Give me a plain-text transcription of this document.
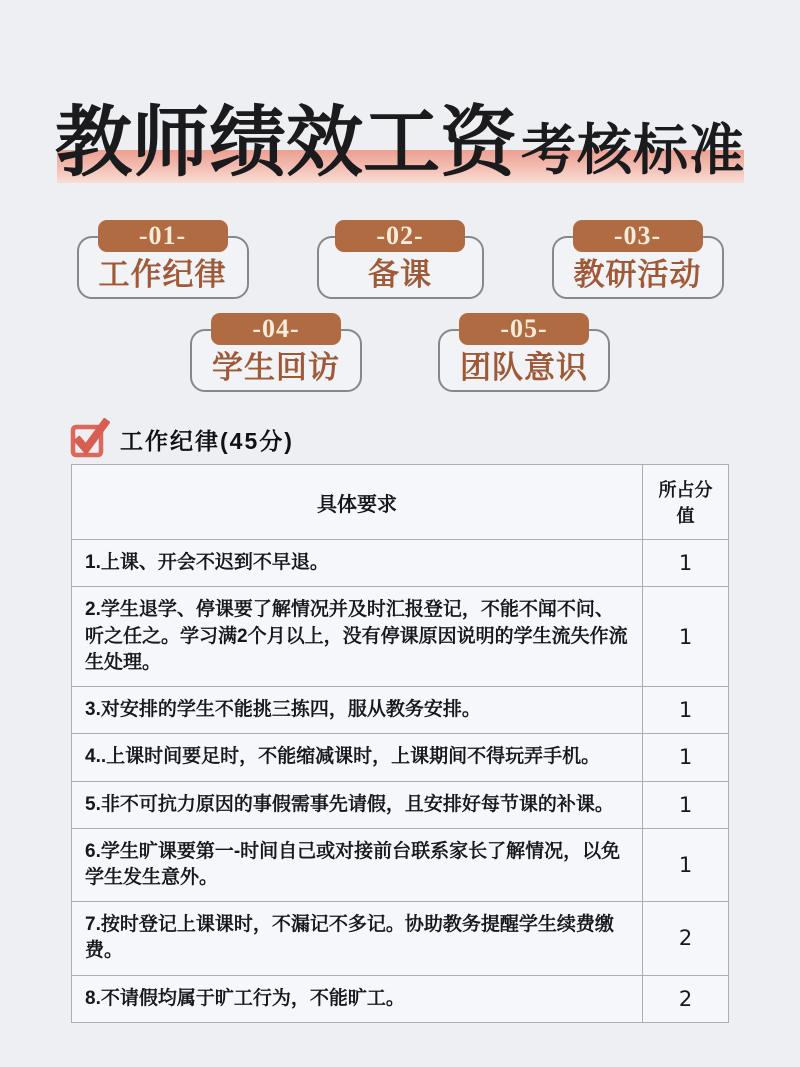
教师绩效工资 考核标准
-01-
工作纪律
-02-
备课
-03-
教研活动
-04-
学生回访
-05-
团队意识
工作纪律(45分)
具体要求	所占分值
1.上课、开会不迟到不早退。	1
2.学生退学、停课要了解情况并及时汇报登记，不能不闻不问、听之任之。学习满2个月以上，没有停课原因说明的学生流失作流生处理。	1
3.对安排的学生不能挑三拣四，服从教务安排。	1
4..上课时间要足时，不能缩减课时，上课期间不得玩弄手机。	1
5.非不可抗力原因的事假需事先请假，且安排好每节课的补课。	1
6.学生旷课要第一-时间自己或对接前台联系家长了解情况，以免学生发生意外。	1
7.按时登记上课课时，不漏记不多记。协助教务提醒学生续费缴费。	2
8.不请假均属于旷工行为，不能旷工。	2
